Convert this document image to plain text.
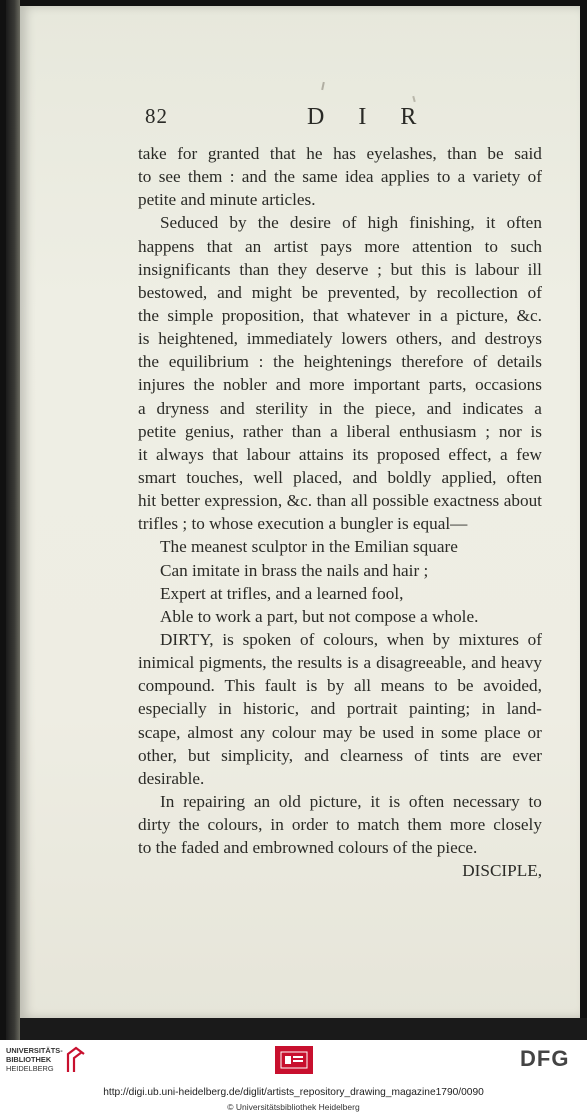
82	D I R
take for granted that he has eyelashes, than be said
to see them : and the same idea applies to a variety of
petite and minute articles.
Seduced by the desire of high finishing, it often
happens that an artist pays more attention to such
insignificants than they deserve ; but this is labour ill
bestowed, and might be prevented, by recollection of
the simple proposition, that whatever in a picture, &c.
is heightened, immediately lowers others, and destroys
the equilibrium : the heightenings therefore of details
injures the nobler and more important parts, occasions
a dryness and sterility in the piece, and indicates a
petite genius, rather than a liberal enthusiasm ; nor is
it always that labour attains its proposed effect, a few
smart touches, well placed, and boldly applied, often
hit better expression, &c. than all possible exactness about
trifles ; to whose execution a bungler is equal—
The meanest sculptor in the Emilian square
Can imitate in brass the nails and hair ;
Expert at trifles, and a learned fool,
Able to work a part, but not compose a whole.
DIRTY, is spoken of colours, when by mixtures of
inimical pigments, the results is a disagreeable, and heavy
compound. This fault is by all means to be avoided,
especially in historic, and portrait painting; in land-
scape, almost any colour may be used in some place or
other, but simplicity, and clearness of tints are ever
desirable.
In repairing an old picture, it is often necessary to
dirty the colours, in order to match them more closely
to the faded and embrowned colours of the piece.
DISCIPLE,
UNIVERSITÄTS-
BIBLIOTHEK
HEIDELBERG	DFG
http://digi.ub.uni-heidelberg.de/diglit/artists_repository_drawing_magazine1790/0090
© Universitätsbibliothek Heidelberg
